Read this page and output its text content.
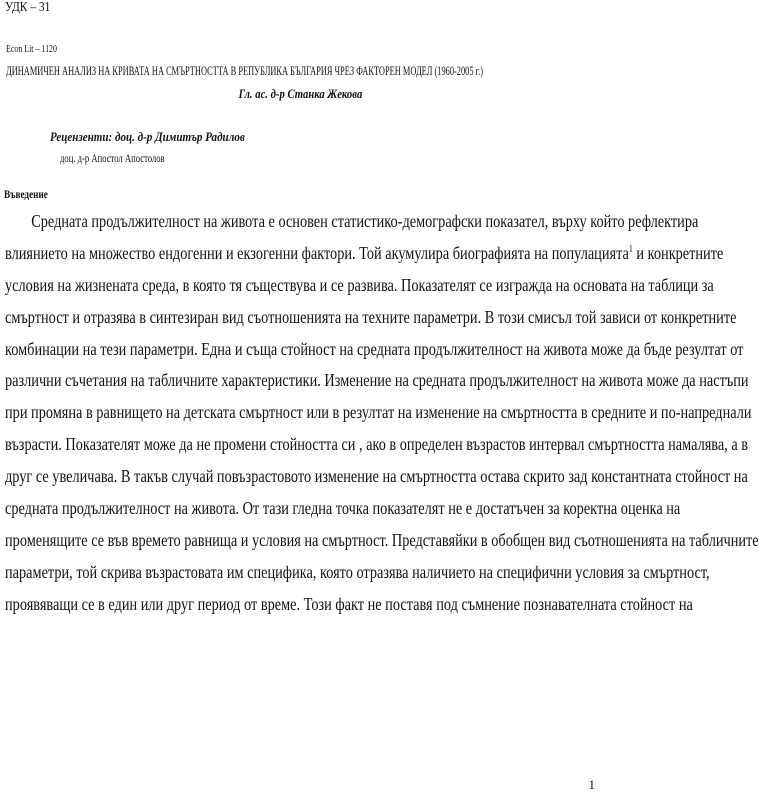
УДК – 31
Econ Lit – 1120
ДИНАМИЧЕН АНАЛИЗ НА КРИВАТА НА СМЪРТНОСТТА В РЕПУБЛИКА БЪЛГАРИЯ ЧРЕЗ ФАКТОРЕН МОДЕЛ (1960-2005 г.)
Гл. ас. д-р Станка Жекова
Рецензенти: доц. д-р Димитър Радилов
доц. д-р Апостол Апостолов
Въведение
Средната продължителност на живота е основен статистико-демографски показател, върху който рефлектира
влиянието на множество ендогенни и екзогенни фактори. Той акумулира биографията на популацията$^1$ и конкретните
условия на жизнената среда, в която тя съществува и се развива. Показателят се изгражда на основата на таблици за
смъртност и отразява в синтезиран вид съотношенията на техните параметри. В този смисъл той зависи от конкретните
комбинации на тези параметри. Една и съща стойност на средната продължителност на живота може да бъде резултат от
различни съчетания на табличните характеристики. Изменение на средната продължителност на живота може да настъпи
при промяна в равнището на детската смъртност или в резултат на изменение на смъртността в средните и по-напреднали
възрасти. Показателят може да не промени стойността си , ако в определен възрастов интервал смъртността намалява, а в
друг се увеличава. В такъв случай повъзрастовото изменение на смъртността остава скрито зад константната стойност на
средната продължителност на живота. От тази гледна точка показателят не е достатъчен за коректна оценка на
променящите се във времето равнища и условия на смъртност. Представяйки в обобщен вид съотношенията на табличните
параметри, той скрива възрастовата им специфика, която отразява наличието на специфични условия за смъртност,
проявяващи се в един или друг период от време. Този факт не поставя под съмнение познавателната стойност на
1
